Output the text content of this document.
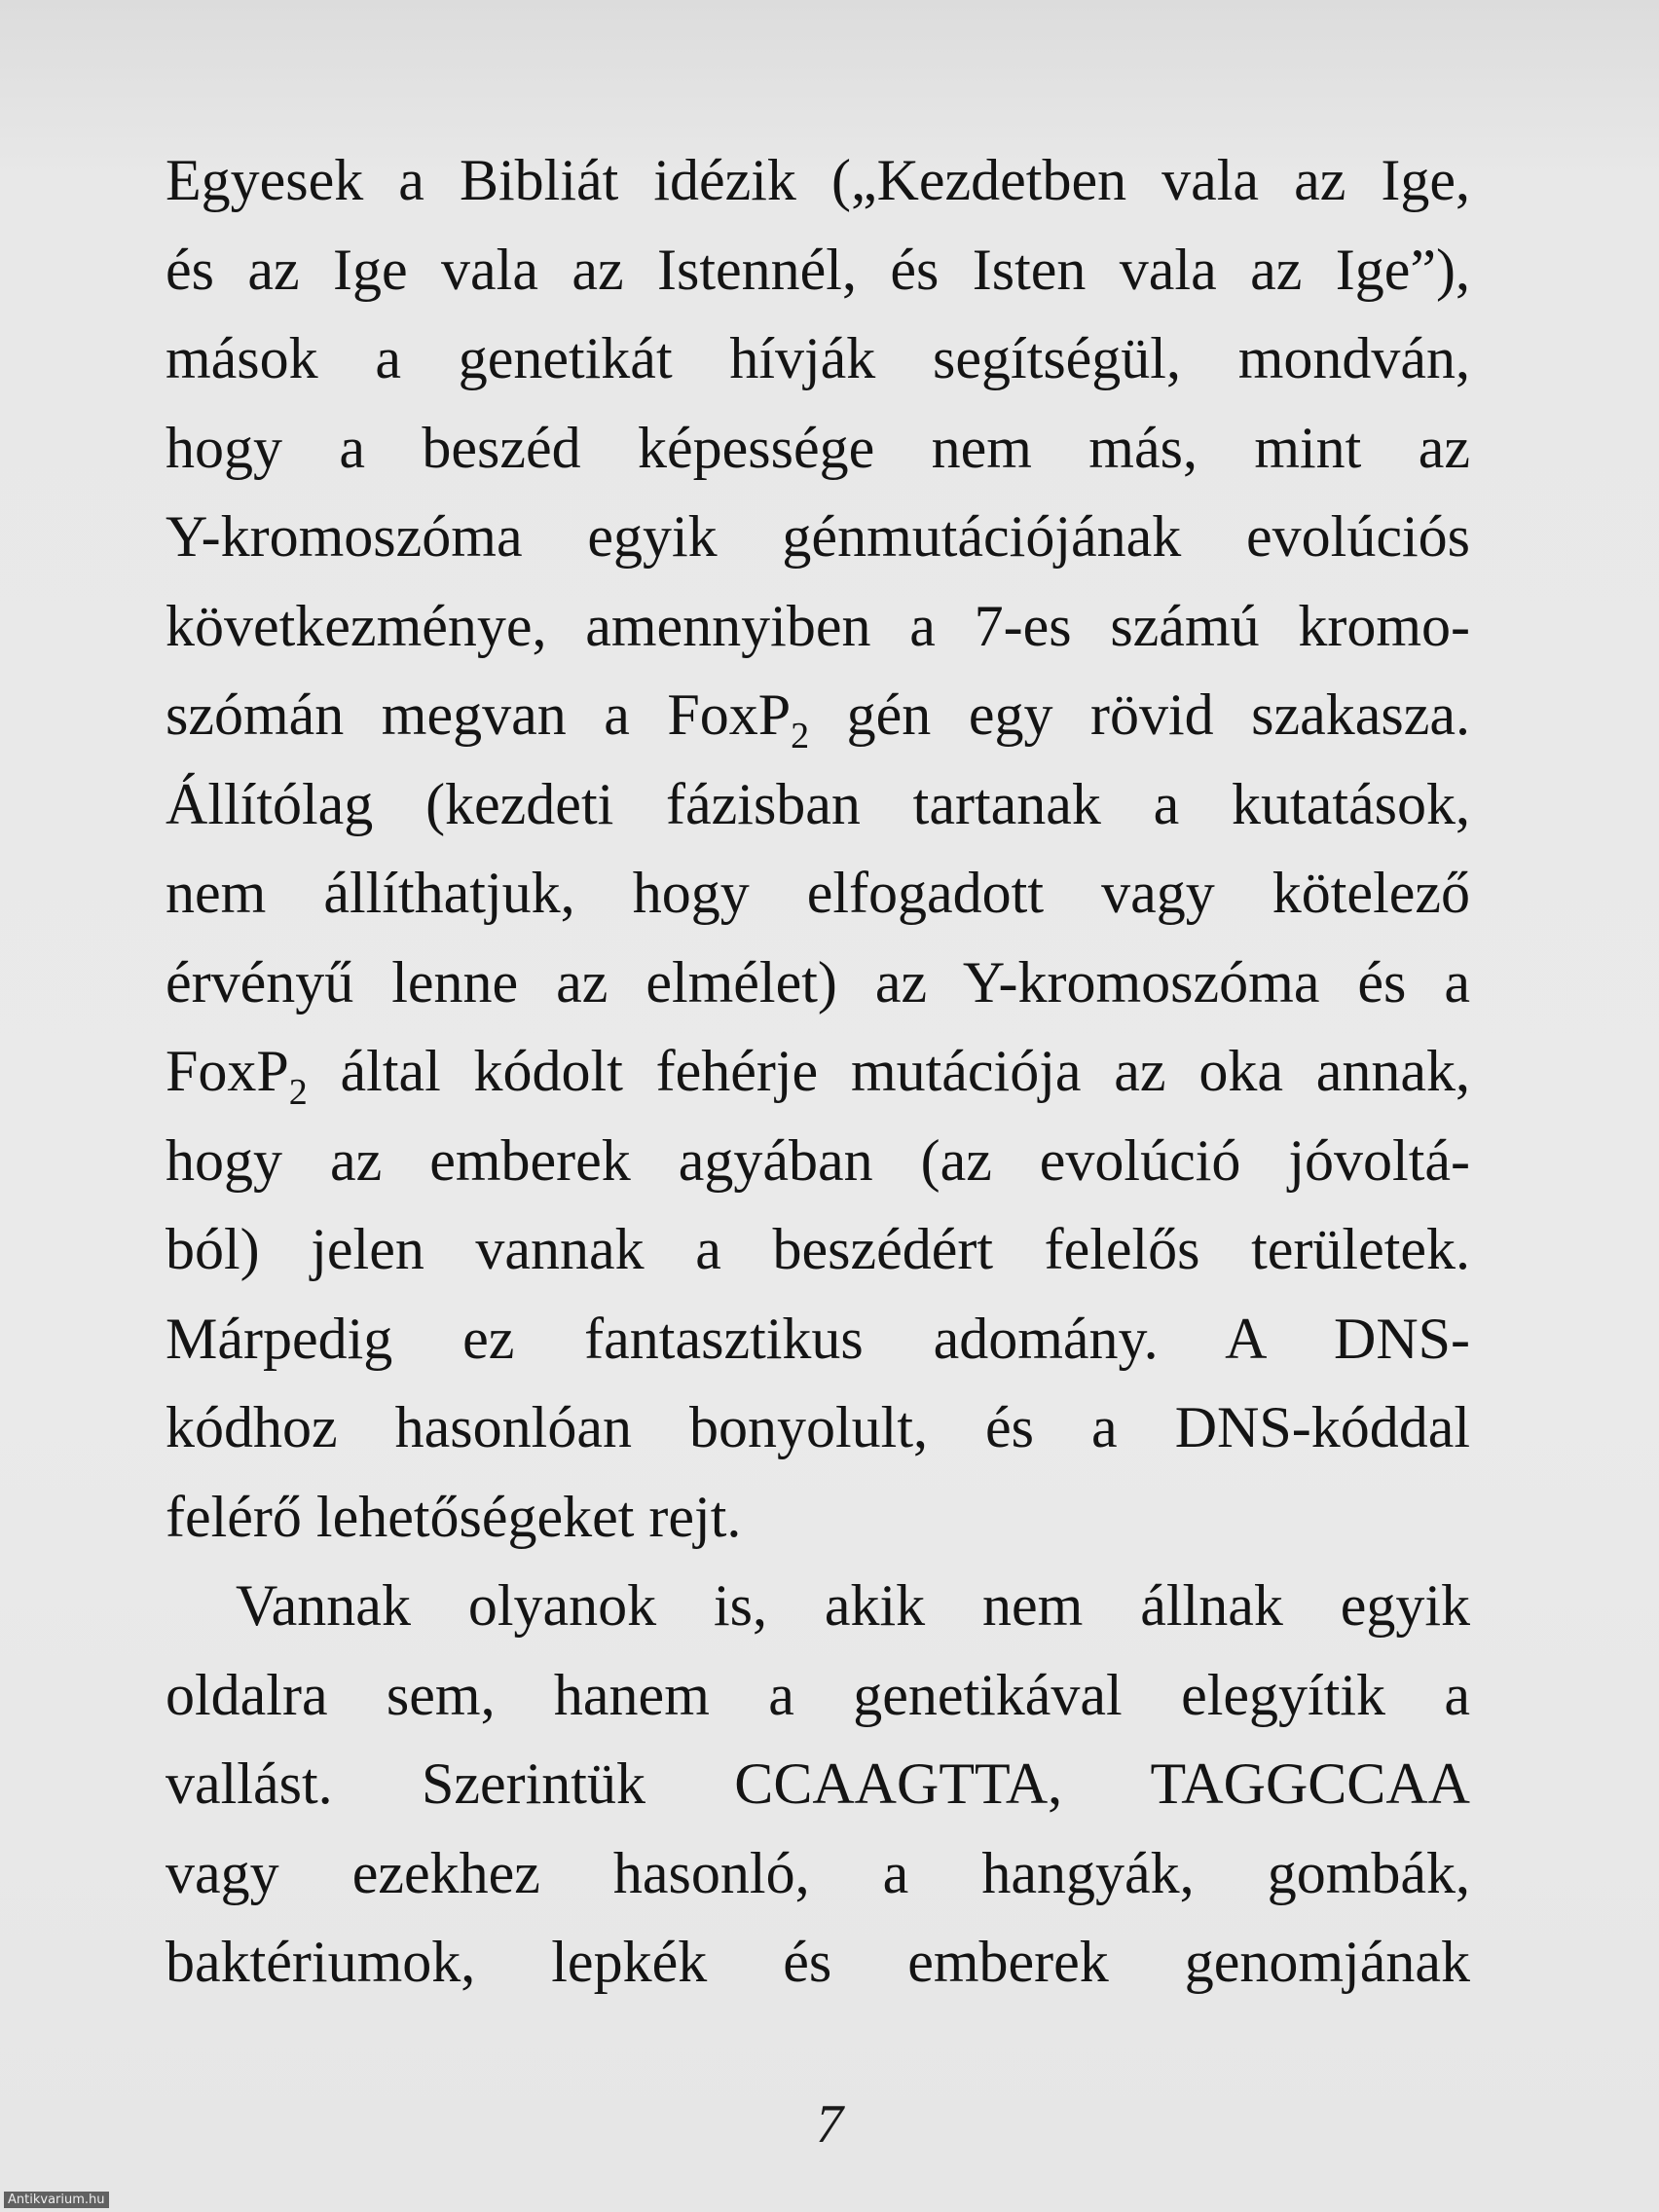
Egyesek a Bibliát idézik („Kezdetben vala az Ige,
és az Ige vala az Istennél, és Isten vala az Ige”),
mások a genetikát hívják segítségül, mondván,
hogy a beszéd képessége nem más, mint az
Y-kromoszóma egyik génmutációjának evolúciós
következménye, amennyiben a 7-es számú kromo-
szómán megvan a FoxP$_2$ gén egy rövid szakasza.
Állítólag (kezdeti fázisban tartanak a kutatások,
nem állíthatjuk, hogy elfogadott vagy kötelező
érvényű lenne az elmélet) az Y-kromoszóma és a
FoxP$_2$ által kódolt fehérje mutációja az oka annak,
hogy az emberek agyában (az evolúció jóvoltá-
ból) jelen vannak a beszédért felelős területek.
Márpedig ez fantasztikus adomány. A DNS-
kódhoz hasonlóan bonyolult, és a DNS-kóddal
felérő lehetőségeket rejt.
Vannak olyanok is, akik nem állnak egyik
oldalra sem, hanem a genetikával elegyítik a
vallást. Szerintük CCAAGTTA, TAGGCCAA
vagy ezekhez hasonló, a hangyák, gombák,
baktériumok, lepkék és emberek genomjának
7
Antikvarium.hu
